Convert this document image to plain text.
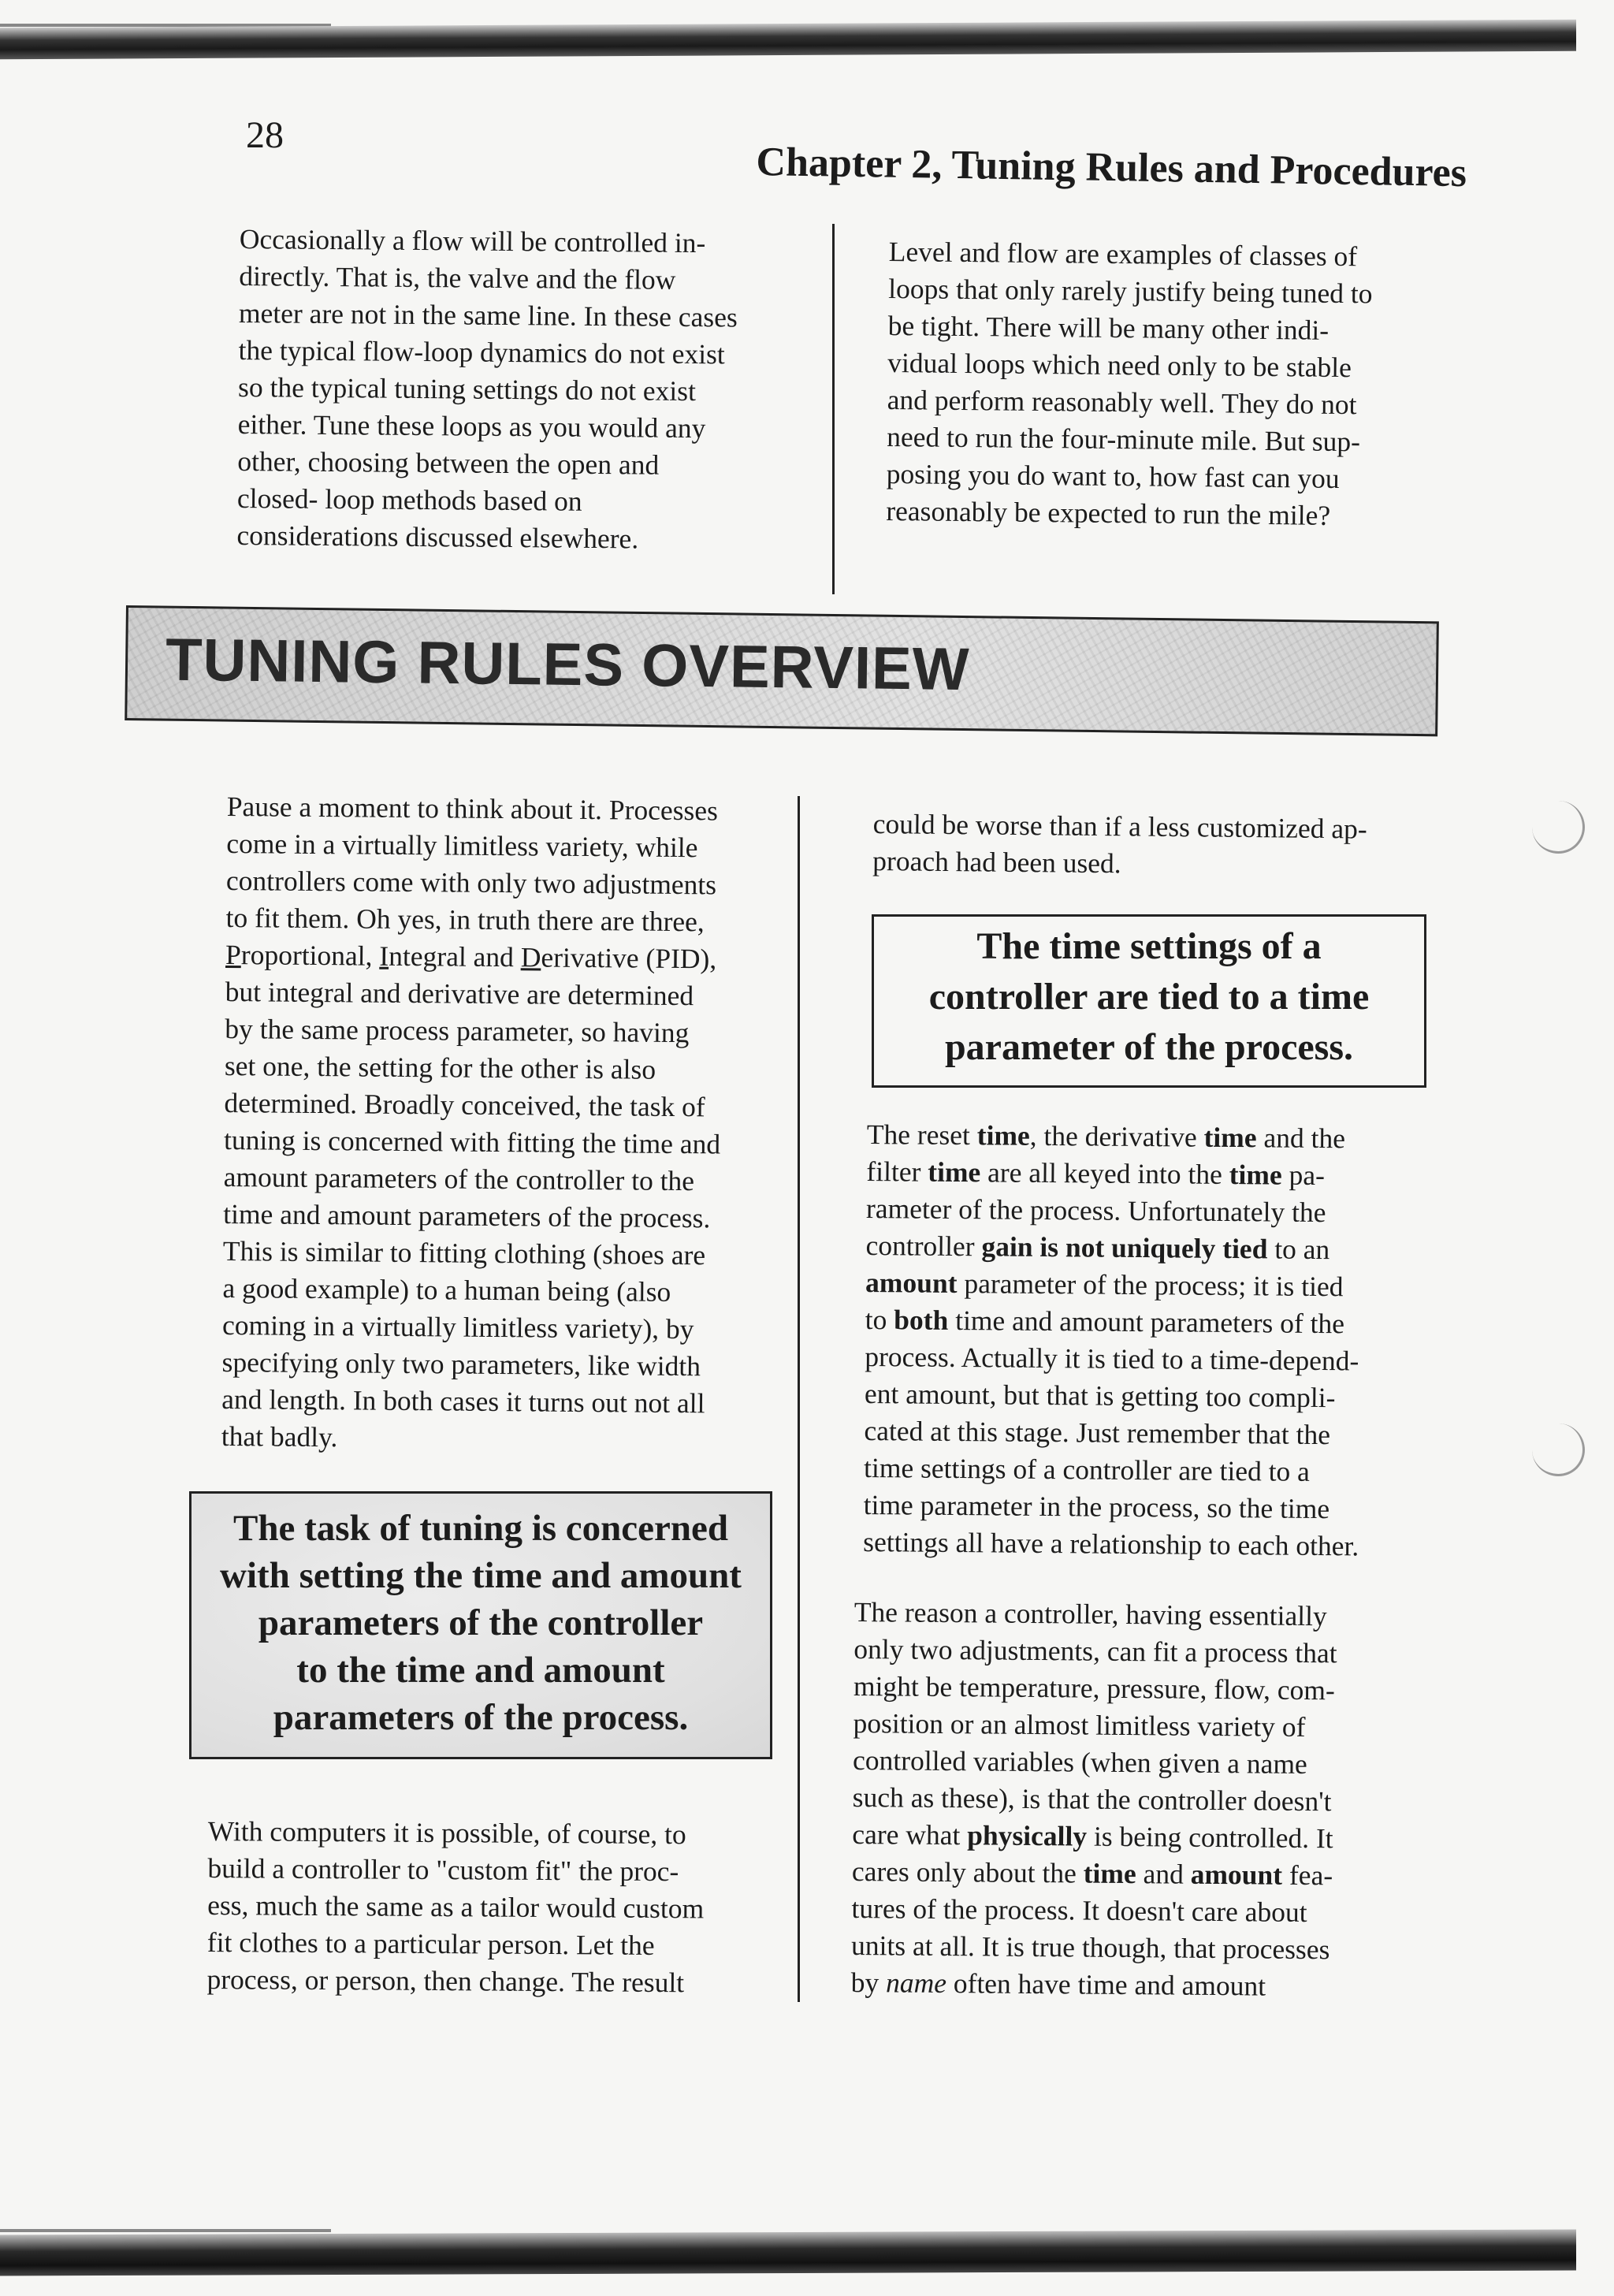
28
Chapter 2, Tuning Rules and Procedures

Occasionally a flow will be controlled in-

directly. That is, the valve and the flow

meter are not in the same line. In these cases

the typical flow-loop dynamics do not exist

so the typical tuning settings do not exist

either. Tune these loops as you would any

other, choosing between the open and

closed- loop methods based on

considerations discussed elsewhere.

Level and flow are examples of classes of

loops that only rarely justify being tuned to

be tight. There will be many other indi-

vidual loops which need only to be stable

and perform reasonably well. They do not

need to run the four-minute mile. But sup-

posing you do want to, how fast can you

reasonably be expected to run the mile?

TUNING RULES OVERVIEW

Pause a moment to think about it. Processes

come in a virtually limitless variety, while

controllers come with only two adjustments

to fit them. Oh yes, in truth there are three,

Proportional, Integral and Derivative (PID),

but integral and derivative are determined

by the same process parameter, so having

set one, the setting for the other is also

determined. Broadly conceived, the task of

tuning is concerned with fitting the time and

amount parameters of the controller to the

time and amount parameters of the process.

This is similar to fitting clothing (shoes are

a good example) to a human being (also

coming in a virtually limitless variety), by

specifying only two parameters, like width

and length. In both cases it turns out not all

that badly.

The task of tuning is concerned
with setting the time and amount
parameters of the controller
to the time and amount
parameters of the process.

With computers it is possible, of course, to

build a controller to "custom fit" the proc-

ess, much the same as a tailor would custom

fit clothes to a particular person. Let the

process, or person, then change. The result

could be worse than if a less customized ap-

proach had been used.

The time settings of a
controller are tied to a time
parameter of the process.

The reset time, the derivative time and the

filter time are all keyed into the time pa-

rameter of the process. Unfortunately the

controller gain is not uniquely tied to an

amount parameter of the process; it is tied

to both time and amount parameters of the

process. Actually it is tied to a time-depend-

ent amount, but that is getting too compli-

cated at this stage. Just remember that the

time settings of a controller are tied to a

time parameter in the process, so the time

settings all have a relationship to each other.

The reason a controller, having essentially

only two adjustments, can fit a process that

might be temperature, pressure, flow, com-

position or an almost limitless variety of

controlled variables (when given a name

such as these), is that the controller doesn't

care what physically is being controlled. It

cares only about the time and amount fea-

tures of the process. It doesn't care about

units at all. It is true though, that processes

by name often have time and amount
